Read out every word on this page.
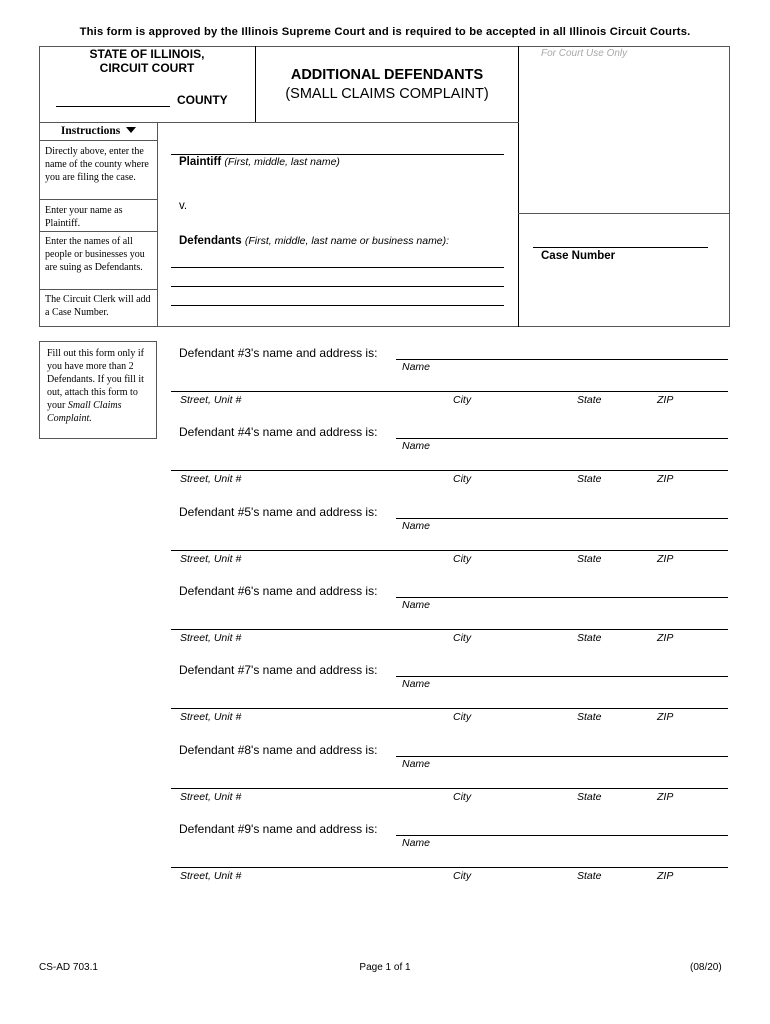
This form is approved by the Illinois Supreme Court and is required to be accepted in all Illinois Circuit Courts.
STATE OF ILLINOIS,
CIRCUIT COURT
COUNTY
ADDITIONAL DEFENDANTS
(SMALL CLAIMS COMPLAINT)
For Court Use Only
Instructions
Directly above, enter the name of the county where you are filing the case.
Enter your name as Plaintiff.
Enter the names of all people or businesses you are suing as Defendants.
The Circuit Clerk will add a Case Number.
Plaintiff (First, middle, last name)
v.
Defendants (First, middle, last name or business name):
Case Number
Fill out this form only if you have more than 2 Defendants. If you fill it out, attach this form to your Small Claims Complaint.
Defendant #3's name and address is:
Name
Street, Unit #	City	State	ZIP
Defendant #4's name and address is:
Name
Street, Unit #	City	State	ZIP
Defendant #5's name and address is:
Name
Street, Unit #	City	State	ZIP
Defendant #6's name and address is:
Name
Street, Unit #	City	State	ZIP
Defendant #7's name and address is:
Name
Street, Unit #	City	State	ZIP
Defendant #8's name and address is:
Name
Street, Unit #	City	State	ZIP
Defendant #9's name and address is:
Name
Street, Unit #	City	State	ZIP
CS-AD 703.1	Page 1 of 1	(08/20)
